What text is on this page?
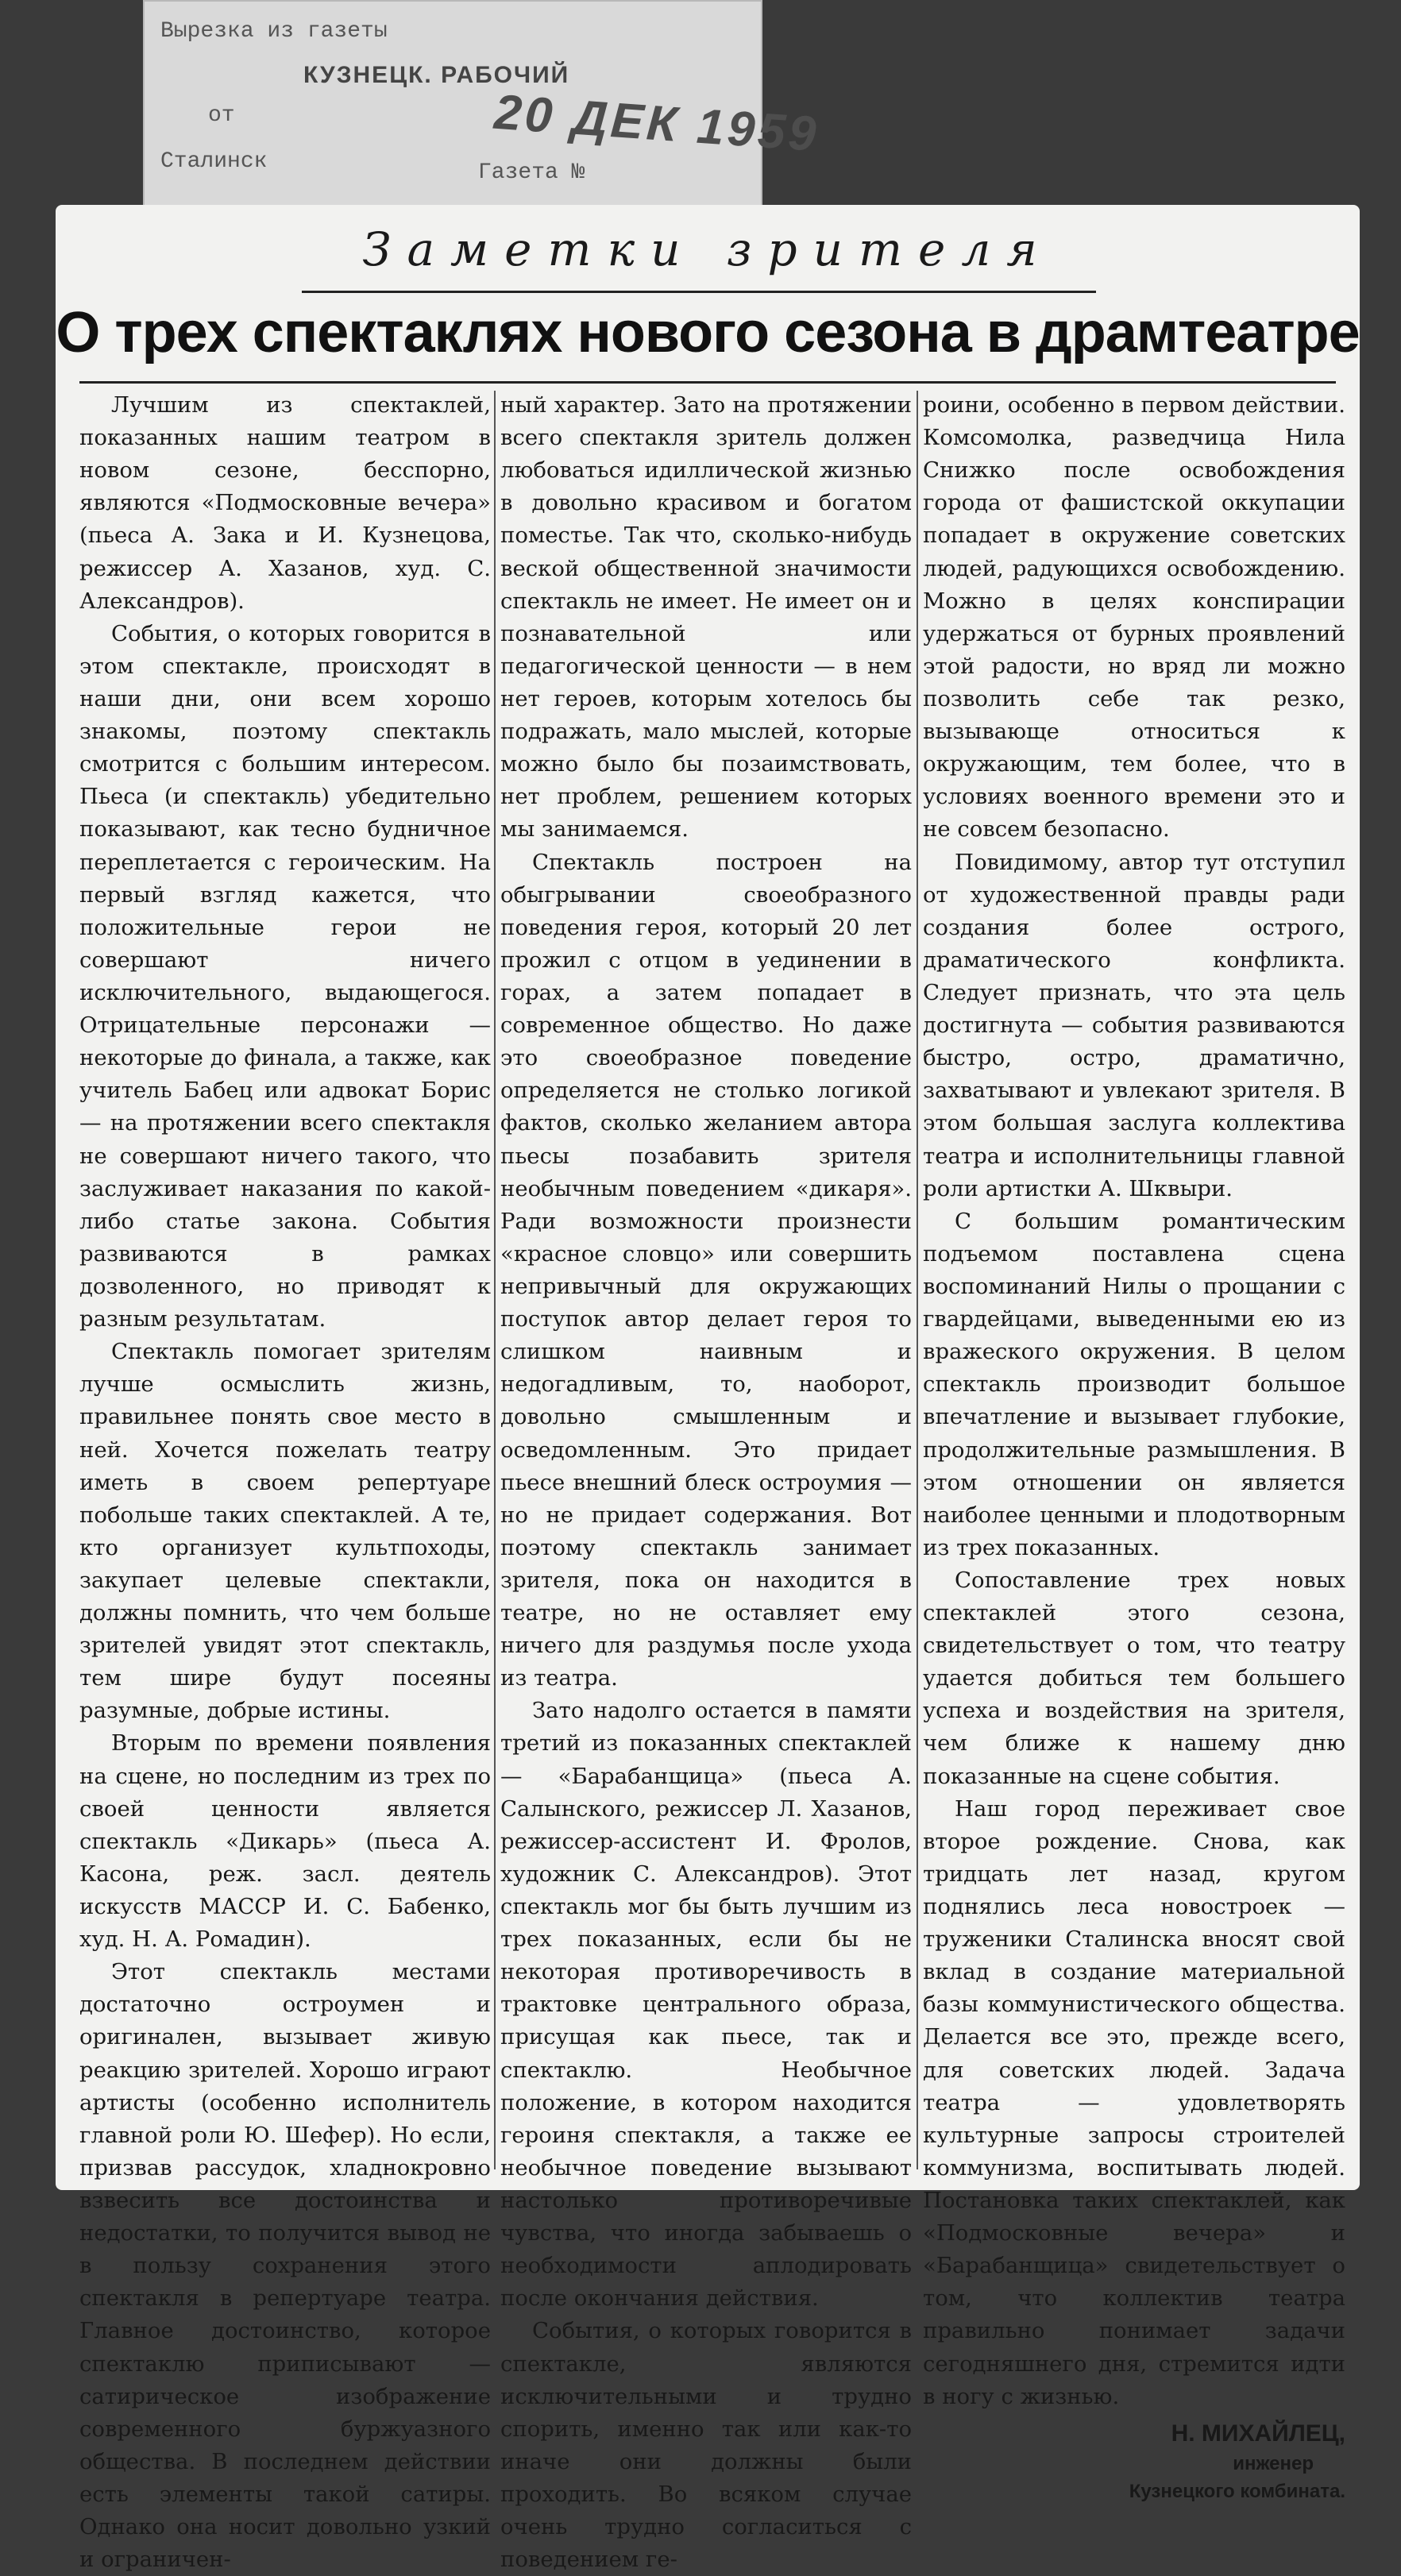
Вырезка из газеты
КУЗНЕЦК. РАБОЧИЙ
от	20 ДЕК 1959
Сталинск	Газета №
Заметки зрителя
О трех спектаклях нового сезона в драмтеатре

Лучшим из спектаклей, показанных нашим театром в новом сезоне, бесспорно, являются «Подмосковные вечера» (пьеса А. Зака и И. Кузнецова, режиссер А. Хазанов, худ. С. Александров).

События, о которых говорится в этом спектакле, происходят в наши дни, они всем хорошо знакомы, поэтому спектакль смотрится с большим интересом. Пьеса (и спектакль) убедительно показывают, как тесно будничное переплетается с героическим. На первый взгляд кажется, что положительные герои не совершают ничего исключительного, выдающегося. Отрицательные персонажи — некоторые до финала, а также, как учитель Бабец или адвокат Борис — на протяжении всего спектакля не совершают ничего такого, что заслуживает наказания по какой-либо статье закона. События развиваются в рамках дозволенного, но приводят к разным результатам.

Спектакль помогает зрителям лучше осмыслить жизнь, правильнее понять свое место в ней. Хочется пожелать театру иметь в своем репертуаре побольше таких спектаклей. А те, кто организует культпоходы, закупает целевые спектакли, должны помнить, что чем больше зрителей увидят этот спектакль, тем шире будут посеяны разумные, добрые истины.

Вторым по времени появления на сцене, но последним из трех по своей ценности является спектакль «Дикарь» (пьеса А. Касона, реж. засл. деятель искусств МАССР И. С. Бабенко, худ. Н. А. Ромадин).

Этот спектакль местами достаточно остроумен и оригинален, вызывает живую реакцию зрителей. Хорошо играют артисты (особенно исполнитель главной роли Ю. Шефер). Но если, призвав рассудок, хладнокровно взвесить все достоинства и недостатки, то получится вывод не в пользу сохранения этого спектакля в репертуаре театра. Главное достоинство, которое спектаклю приписывают — сатирическое изображение современного буржуазного общества. В последнем действии есть элементы такой сатиры. Однако она носит довольно узкий и ограничен-

ный характер. Зато на протяжении всего спектакля зритель должен любоваться идиллической жизнью в довольно красивом и богатом поместье. Так что, сколько-нибудь веской общественной значимости спектакль не имеет. Не имеет он и познавательной или педагогической ценности — в нем нет героев, которым хотелось бы подражать, мало мыслей, которые можно было бы позаимствовать, нет проблем, решением которых мы занимаемся.

Спектакль построен на обыгрывании своеобразного поведения героя, который 20 лет прожил с отцом в уединении в горах, а затем попадает в современное общество. Но даже это своеобразное поведение определяется не столько логикой фактов, сколько желанием автора пьесы позабавить зрителя необычным поведением «дикаря». Ради возможности произнести «красное словцо» или совершить непривычный для окружающих поступок автор делает героя то слишком наивным и недогадливым, то, наоборот, довольно смышленным и осведомленным. Это придает пьесе внешний блеск остроумия — но не придает содержания. Вот поэтому спектакль занимает зрителя, пока он находится в театре, но не оставляет ему ничего для раздумья после ухода из театра.

Зато надолго остается в памяти третий из показанных спектаклей — «Барабанщица» (пьеса А. Салынского, режиссер Л. Хазанов, режиссер-ассистент И. Фролов, художник С. Александров). Этот спектакль мог бы быть лучшим из трех показанных, если бы не некоторая противоречивость в трактовке центрального образа, присущая как пьесе, так и спектаклю. Необычное положение, в котором находится героиня спектакля, а также ее необычное поведение вызывают настолько противоречивые чувства, что иногда забываешь о необходимости аплодировать после окончания действия.

События, о которых говорится в спектакле, являются исключительными и трудно спорить, именно так или как-то иначе они должны были проходить. Во всяком случае очень трудно согласиться с поведением ге-

роини, особенно в первом действии. Комсомолка, разведчица Нила Снижко после освобождения города от фашистской оккупации попадает в окружение советских людей, радующихся освобождению. Можно в целях конспирации удержаться от бурных проявлений этой радости, но вряд ли можно позволить себе так резко, вызывающе относиться к окружающим, тем более, что в условиях военного времени это и не совсем безопасно.

Повидимому, автор тут отступил от художественной правды ради создания более острого, драматического конфликта. Следует признать, что эта цель достигнута — события развиваются быстро, остро, драматично, захватывают и увлекают зрителя. В этом большая заслуга коллектива театра и исполнительницы главной роли артистки А. Шквыри.

С большим романтическим подъемом поставлена сцена воспоминаний Нилы о прощании с гвардейцами, выведенными ею из вражеского окружения. В целом спектакль производит большое впечатление и вызывает глубокие, продолжительные размышления. В этом отношении он является наиболее ценными и плодотворным из трех показанных.

Сопоставление трех новых спектаклей этого сезона, свидетельствует о том, что театру удается добиться тем большего успеха и воздействия на зрителя, чем ближе к нашему дню показанные на сцене события.

Наш город переживает свое второе рождение. Снова, как тридцать лет назад, кругом поднялись леса новостроек — труженики Сталинска вносят свой вклад в создание материальной базы коммунистического общества. Делается все это, прежде всего, для советских людей. Задача театра — удовлетворять культурные запросы строителей коммунизма, воспитывать людей. Постановка таких спектаклей, как «Подмосковные вечера» и «Барабанщица» свидетельствует о том, что коллектив театра правильно понимает задачи сегодняшнего дня, стремится идти в ногу с жизнью.

Н. МИХАЙЛЕЦ,
инженер
Кузнецкого комбината.
